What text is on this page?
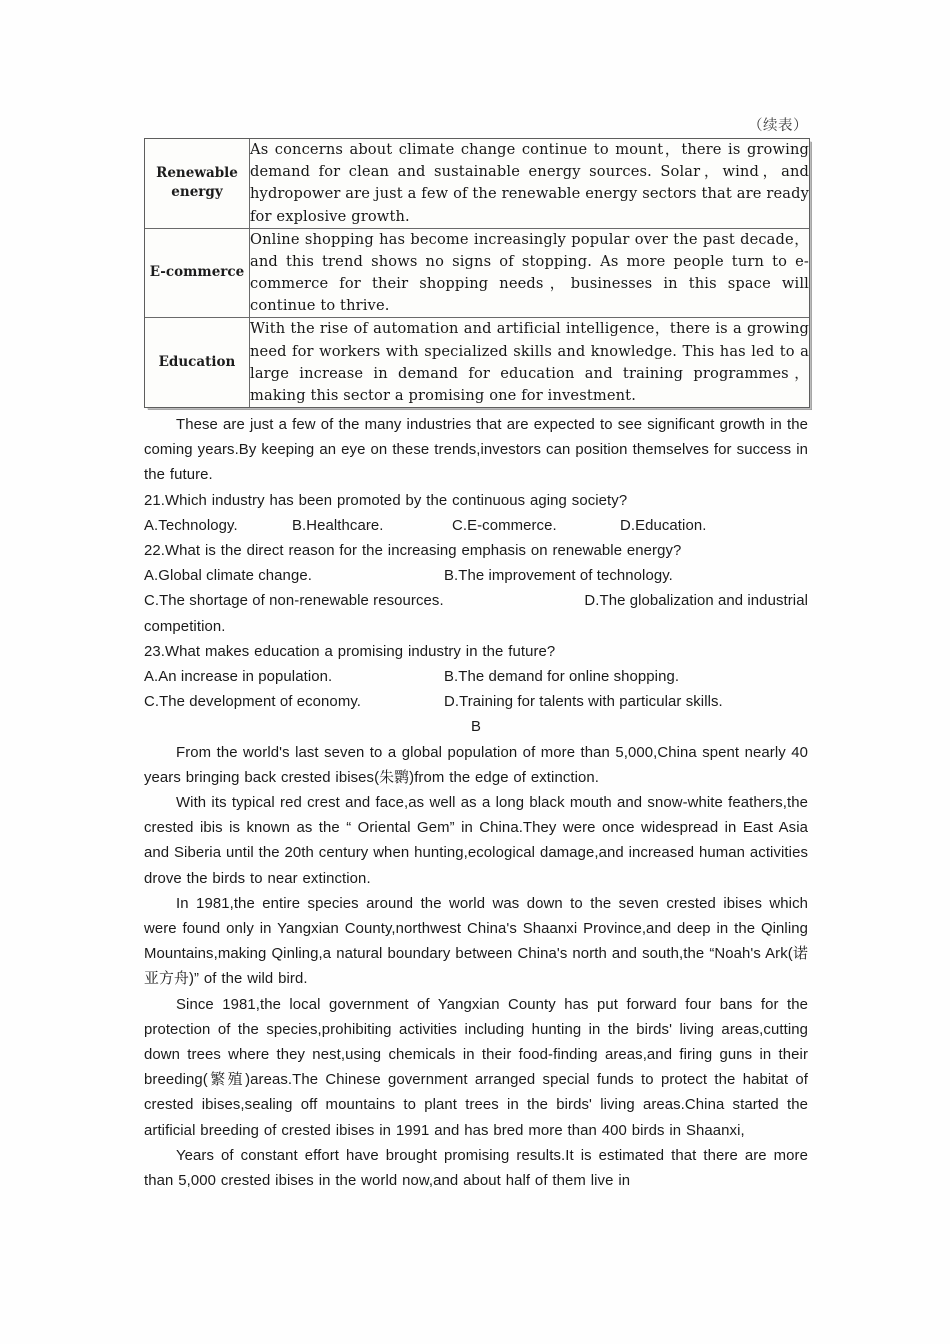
（续表）
Renewable energy	As concerns about climate change continue to mount，there is growing demand for clean and sustainable energy sources. Solar，wind，and hydropower are just a few of the renewable energy sectors that are ready for explosive growth.
E-commerce	Online shopping has become increasingly popular over the past decade，and this trend shows no signs of stopping. As more people turn to e-commerce for their shopping needs，businesses in this space will continue to thrive.
Education	With the rise of automation and artificial intelligence，there is a growing need for workers with specialized skills and knowledge. This has led to a large increase in demand for education and training programmes，making this sector a promising one for investment.

These are just a few of the many industries that are expected to see significant growth in the coming years.By keeping an eye on these trends,investors can position themselves for success in the future.

21.Which industry has been promoted by the continuous aging society?
A.Technology.	B.Healthcare.	C.E-commerce.	D.Education.
22.What is the direct reason for the increasing emphasis on renewable energy?
A.Global climate change.	B.The improvement of technology.
C.The shortage of non-renewable resources.	D.The globalization and industrial
competition.
23.What makes education a promising industry in the future?
A.An increase in population.	B.The demand for online shopping.
C.The development of economy.	D.Training for talents with particular skills.
B

From the world's last seven to a global population of more than 5,000,China spent nearly 40 years bringing back crested ibises(朱鹮)from the edge of extinction.

With its typical red crest and face,as well as a long black mouth and snow-white feathers,the crested ibis is known as the “ Oriental Gem” in China.They were once widespread in East Asia and Siberia until the 20th century when hunting,ecological damage,and increased human activities drove the birds to near extinction.

In 1981,the entire species around the world was down to the seven crested ibises which were found only in Yangxian County,northwest China's Shaanxi Province,and deep in the Qinling Mountains,making Qinling,a natural boundary between China's north and south,the “Noah's Ark(诺亚方舟)” of the wild bird.

Since 1981,the local government of Yangxian County has put forward four bans for the protection of the species,prohibiting activities including hunting in the birds' living areas,cutting down trees where they nest,using chemicals in their food-finding areas,and firing guns in their breeding(繁殖)areas.The Chinese government arranged special funds to protect the habitat of crested ibises,sealing off mountains to plant trees in the birds' living areas.China started the artificial breeding of crested ibises in 1991 and has bred more than 400 birds in Shaanxi,

Years of constant effort have brought promising results.It is estimated that there are more than 5,000 crested ibises in the world now,and about half of them live in
